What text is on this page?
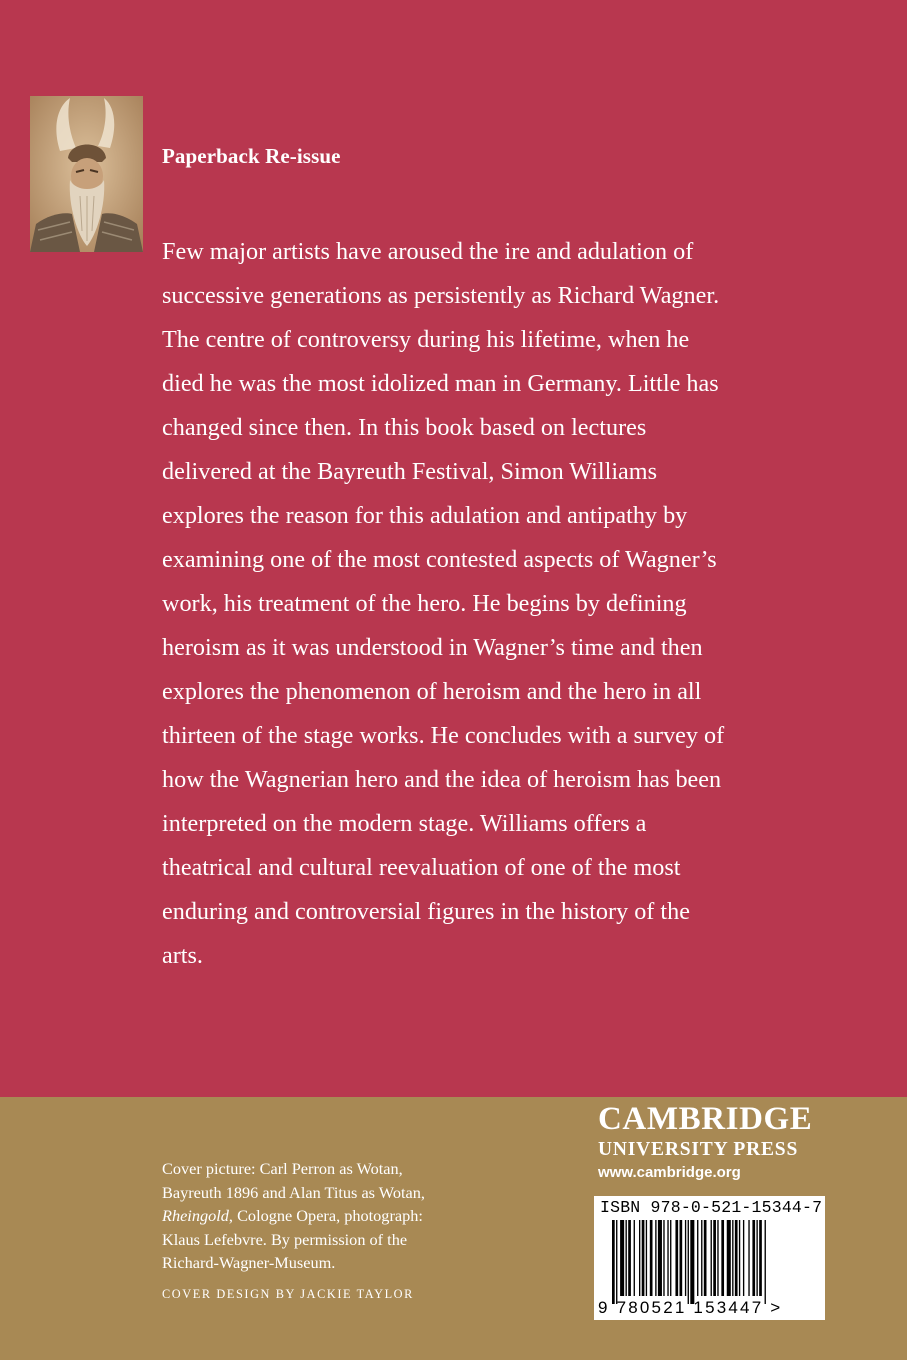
Paperback Re-issue
Few major artists have aroused the ire and adulation of
successive generations as persistently as Richard Wagner.
The centre of controversy during his lifetime, when he
died he was the most idolized man in Germany. Little has
changed since then. In this book based on lectures
delivered at the Bayreuth Festival, Simon Williams
explores the reason for this adulation and antipathy by
examining one of the most contested aspects of Wagner’s
work, his treatment of the hero. He begins by defining
heroism as it was understood in Wagner’s time and then
explores the phenomenon of heroism and the hero in all
thirteen of the stage works. He concludes with a survey of
how the Wagnerian hero and the idea of heroism has been
interpreted on the modern stage. Williams offers a
theatrical and cultural reevaluation of one of the most
enduring and controversial figures in the history of the
arts.
Cover picture: Carl Perron as Wotan,
Bayreuth 1896 and Alan Titus as Wotan,
Rheingold, Cologne Opera, photograph:
Klaus Lefebvre. By permission of the
Richard-Wagner-Museum.
COVER DESIGN BY JACKIE TAYLOR
CAMBRIDGE
UNIVERSITY PRESS
www.cambridge.org
ISBN 978-0-521-15344-7
9 780521 153447 >
